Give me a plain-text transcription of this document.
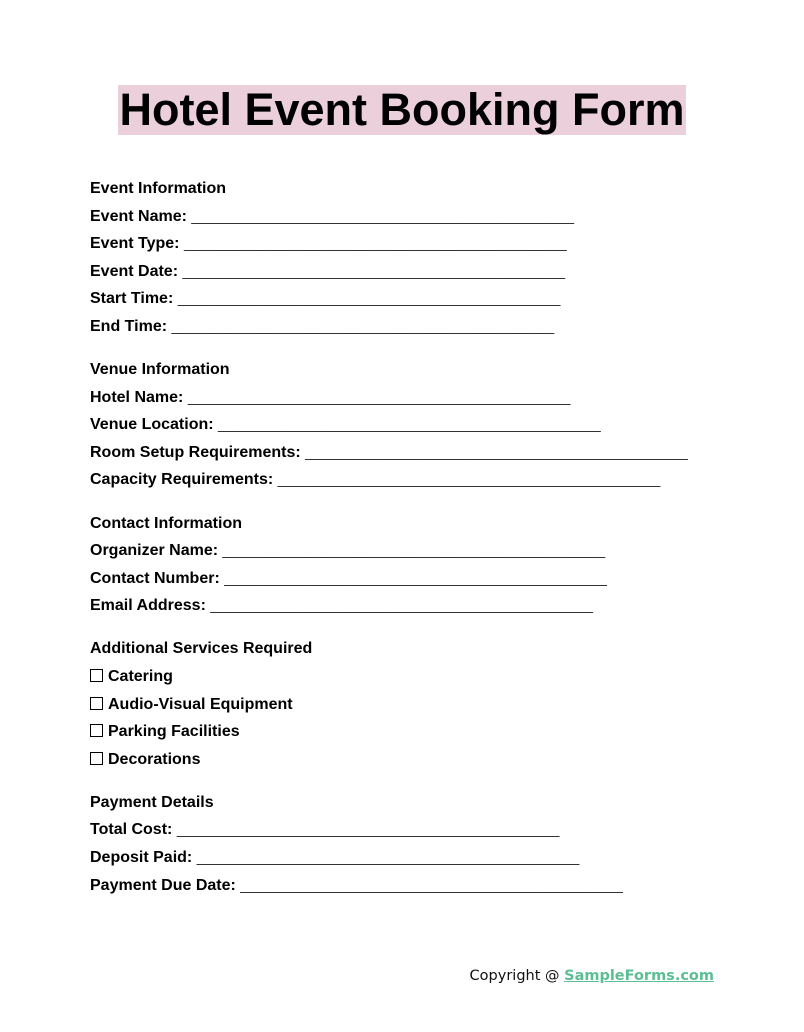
Hotel Event Booking Form
Event Information
Event Name: ___________________________________________
Event Type: ___________________________________________
Event Date: ___________________________________________
Start Time: ___________________________________________
End Time: ___________________________________________
Venue Information
Hotel Name: ___________________________________________
Venue Location: ___________________________________________
Room Setup Requirements: ___________________________________________
Capacity Requirements: ___________________________________________
Contact Information
Organizer Name: ___________________________________________
Contact Number: ___________________________________________
Email Address: ___________________________________________
Additional Services Required
Catering
Audio-Visual Equipment
Parking Facilities
Decorations
Payment Details
Total Cost: ___________________________________________
Deposit Paid: ___________________________________________
Payment Due Date: ___________________________________________
Copyright @ SampleForms.com
